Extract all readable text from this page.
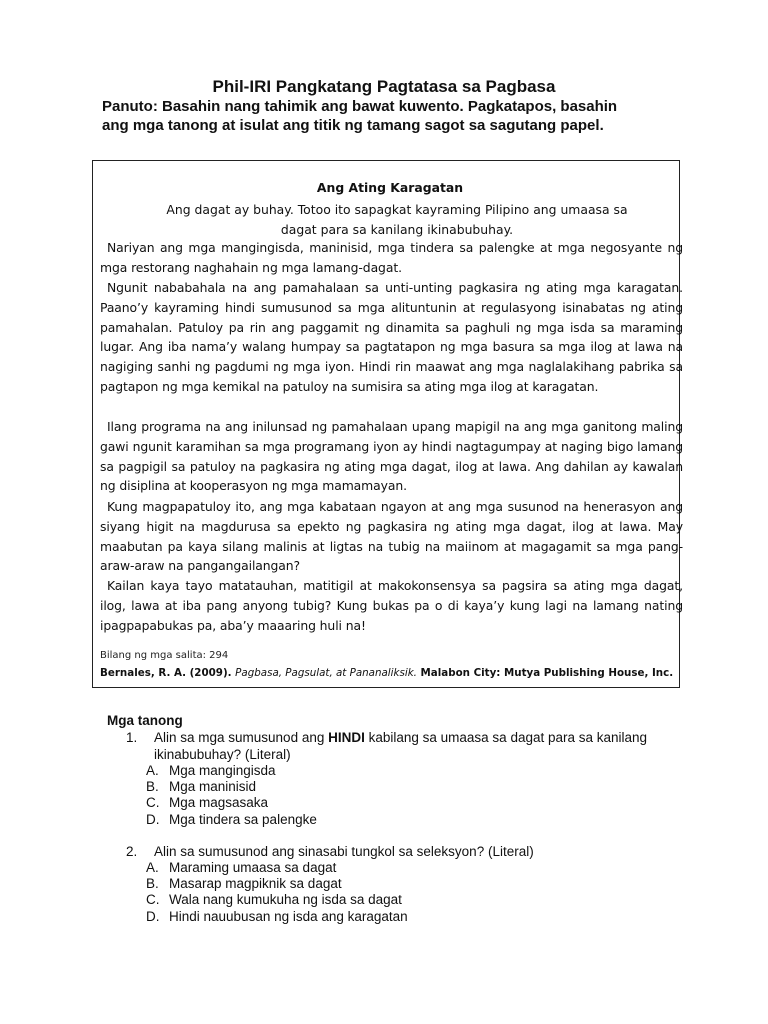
Phil-IRI Pangkatang Pagtatasa sa Pagbasa
Panuto: Basahin nang tahimik ang bawat kuwento. Pagkatapos, basahin
ang mga tanong at isulat ang titik ng tamang sagot sa sagutang papel.
Ang Ating Karagatan
Ang dagat ay buhay. Totoo ito sapagkat kayraming Pilipino ang umaasa sa dagat para sa kanilang ikinabubuhay.
Nariyan ang mga mangingisda, maninisid, mga tindera sa palengke at mga negosyante ng mga restorang naghahain ng mga lamang-dagat.
Ngunit nababahala na ang pamahalaan sa unti-unting pagkasira ng ating mga karagatan. Paano’y kayraming hindi sumusunod sa mga alituntunin at regulasyong isinabatas ng ating pamahalan. Patuloy pa rin ang paggamit ng dinamita sa paghuli ng mga isda sa maraming lugar. Ang iba nama’y walang humpay sa pagtatapon ng mga basura sa mga ilog at lawa na nagiging sanhi ng pagdumi ng mga iyon. Hindi rin maawat ang mga naglalakihang pabrika sa pagtapon ng mga kemikal na patuloy na sumisira sa ating mga ilog at karagatan.
Ilang programa na ang inilunsad ng pamahalaan upang mapigil na ang mga ganitong maling gawi ngunit karamihan sa mga programang iyon ay hindi nagtagumpay at naging bigo lamang sa pagpigil sa patuloy na pagkasira ng ating mga dagat, ilog at lawa. Ang dahilan ay kawalan ng disiplina at kooperasyon ng mga mamamayan.
Kung magpapatuloy ito, ang mga kabataan ngayon at ang mga susunod na henerasyon ang siyang higit na magdurusa sa epekto ng pagkasira ng ating mga dagat, ilog at lawa. May maabutan pa kaya silang malinis at ligtas na tubig na maiinom at magagamit sa mga pang-araw-araw na pangangailangan?
Kailan kaya tayo matatauhan, matitigil at makokonsensya sa pagsira sa ating mga dagat, ilog, lawa at iba pang anyong tubig? Kung bukas pa o di kaya’y kung lagi na lamang nating ipagpapabukas pa, aba’y maaaring huli na!
Bilang ng mga salita: 294
Bernales, R. A. (2009). Pagbasa, Pagsulat, at Pananaliksik. Malabon City: Mutya Publishing House, Inc.
Mga tanong
1. Alin sa mga sumusunod ang HINDI kabilang sa umaasa sa dagat para sa kanilang ikinabubuhay? (Literal)
A. Mga mangingisda
B. Mga maninisid
C. Mga magsasaka
D. Mga tindera sa palengke
2. Alin sa sumusunod ang sinasabi tungkol sa seleksyon? (Literal)
A. Maraming umaasa sa dagat
B. Masarap magpiknik sa dagat
C. Wala nang kumukuha ng isda sa dagat
D. Hindi nauubusan ng isda ang karagatan
